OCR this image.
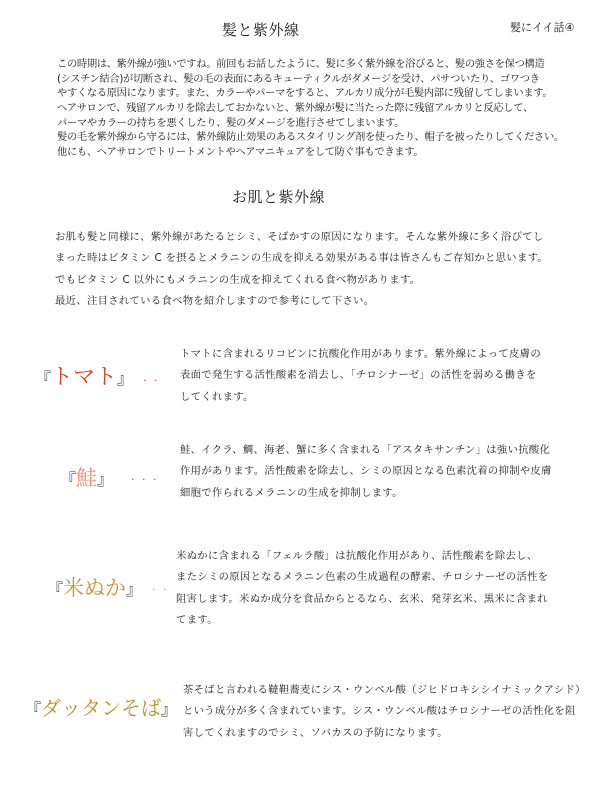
髪と紫外線	髪にイイ話④
この時期は、紫外線が強いですね。前回もお話したように、髪に多く紫外線を浴びると、髪の強さを保つ構造
(シスチン結合)が切断され、髪の毛の表面にあるキューティクルがダメージを受け、パサついたり、ゴワつき
やすくなる原因になります。また、カラーやパーマをすると、アルカリ成分が毛髪内部に残留してしまいます。
ヘアサロンで、残留アルカリを除去しておかないと、紫外線が髪に当たった際に残留アルカリと反応して、
パーマやカラーの持ちを悪くしたり、髪のダメージを進行させてしまいます。
髪の毛を紫外線から守るには、紫外線防止効果のあるスタイリング剤を使ったり、帽子を被ったりしてください。
他にも、ヘアサロンでトリートメントやヘアマニキュアをして防ぐ事もできます。
お肌と紫外線
お肌も髪と同様に、紫外線があたるとシミ、そばかすの原因になります。そんな紫外線に多く浴びてし
まった時はビタミン C を摂るとメラニンの生成を抑える効果がある事は皆さんもご存知かと思います。
でもビタミン C 以外にもメラニンの生成を抑えてくれる食べ物があります。
最近、注目されている食べ物を紹介しますので参考にして下さい。
『トマト』 . .
トマトに含まれるリコピンに抗酸化作用があります。紫外線によって皮膚の
表面で発生する活性酸素を消去し、「チロシナーゼ」の活性を弱める働きを
してくれます。
『鮭』 . . .
鮭、イクラ、鯛、海老、蟹に多く含まれる「アスタキサンチン」は強い抗酸化
作用があります。活性酸素を除去し、シミの原因となる色素沈着の抑制や皮膚
細胞で作られるメラニンの生成を抑制します。
『米ぬか』 . .
米ぬかに含まれる「フェルラ酸」は抗酸化作用があり、活性酸素を除去し、
またシミの原因となるメラニン色素の生成過程の酵素、チロシナーゼの活性を
阻害します。米ぬか成分を食品からとるなら、玄米、発芽玄米、黒米に含まれ
てます。
『ダッタンそば』
茶そばと言われる韃靼蕎麦にシス・ウンベル酸（ジヒドロキシシイナミックアシド）
という成分が多く含まれています。シス・ウンベル酸はチロシナーゼの活性化を阻
害してくれますのでシミ、ソバカスの予防になります。
